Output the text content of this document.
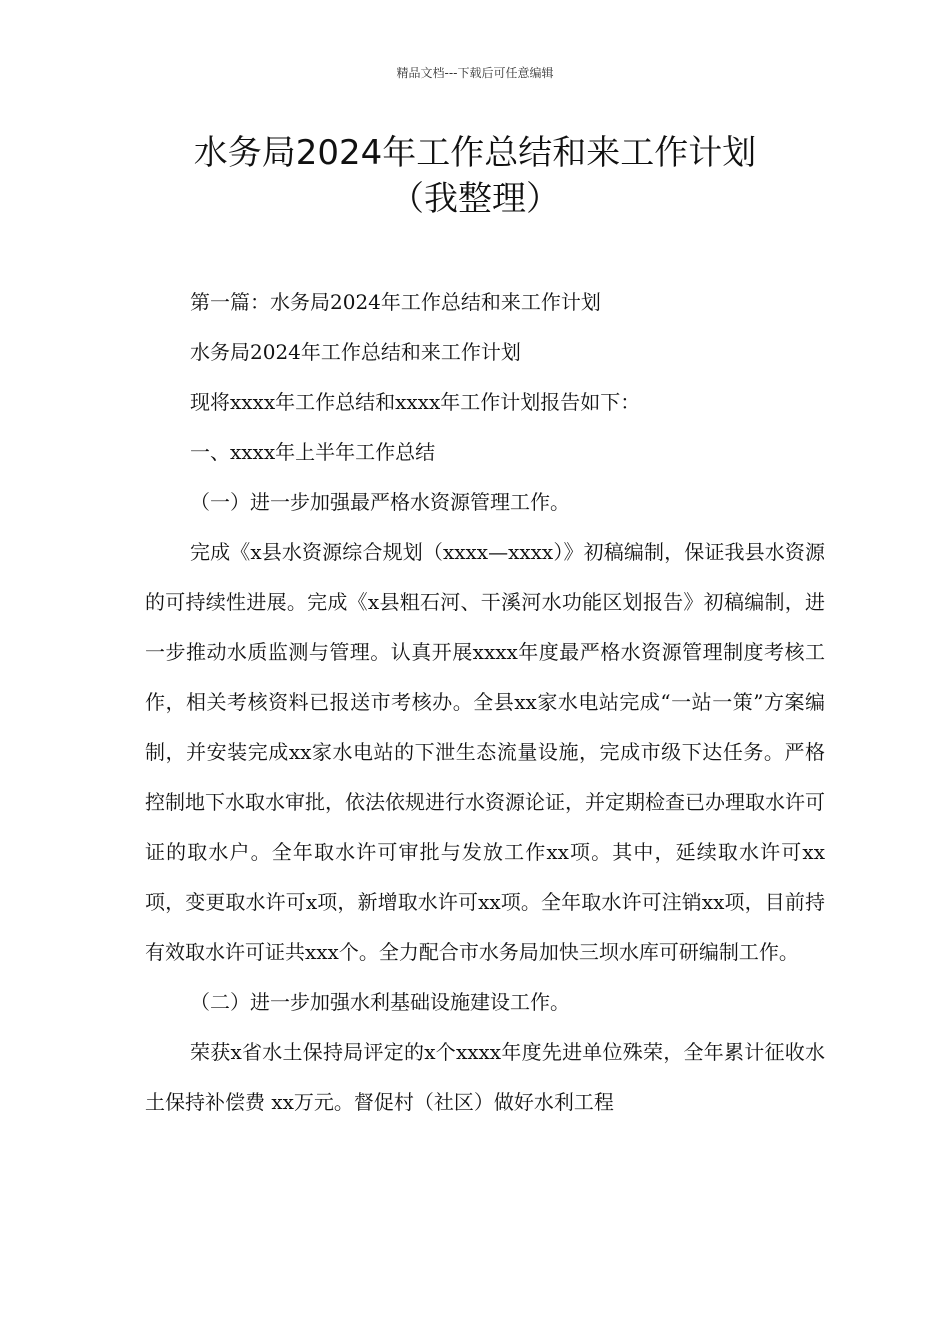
精品文档---下载后可任意编辑
水务局2024年工作总结和来工作计划
（我整理）

第一篇：水务局2024年工作总结和来工作计划

水务局2024年工作总结和来工作计划

现将xxxx年工作总结和xxxx年工作计划报告如下：

一、xxxx年上半年工作总结

（一）进一步加强最严格水资源管理工作。

完成《x县水资源综合规划（xxxx—xxxx）》初稿编制，保证我县水资源的可持续性进展。完成《x县粗石河、干溪河水功能区划报告》初稿编制，进一步推动水质监测与管理。认真开展xxxx年度最严格水资源管理制度考核工作，相关考核资料已报送市考核办。全县xx家水电站完成“一站一策”方案编制，并安装完成xx家水电站的下泄生态流量设施，完成市级下达任务。严格控制地下水取水审批，依法依规进行水资源论证，并定期检查已办理取水许可证的取水户。全年取水许可审批与发放工作xx项。其中，延续取水许可xx项，变更取水许可x项，新增取水许可xx项。全年取水许可注销xx项，目前持有效取水许可证共xxx个。全力配合市水务局加快三坝水库可研编制工作。

（二）进一步加强水利基础设施建设工作。

荣获x省水土保持局评定的x个xxxx年度先进单位殊荣，全年累计征收水土保持补偿费 xx万元。督促村（社区）做好水利工程
